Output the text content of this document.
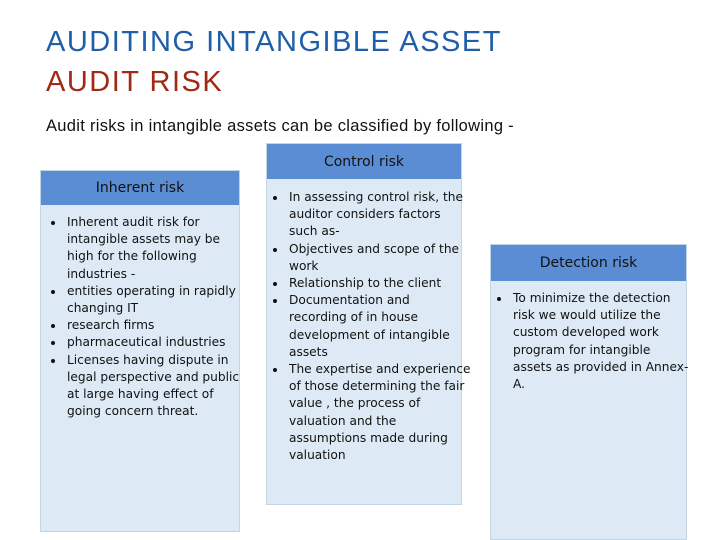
AUDITING INTANGIBLE ASSET
AUDIT RISK
Audit risks in intangible assets can be classified by following -
Inherent risk
• Inherent audit risk for intangible assets may be high for the following industries -
• entities operating in rapidly changing IT
• research firms
• pharmaceutical industries
• Licenses having dispute in legal perspective and public at large having effect of going concern threat.
Control risk
• In assessing control risk, the auditor considers factors such as-
• Objectives and scope of the work
• Relationship to the client
• Documentation and recording of in house development of intangible assets
• The expertise and experience of those determining the fair value , the process of valuation and the assumptions made during valuation
Detection risk
• To minimize the detection risk we would utilize the custom developed work program for intangible assets as provided in Annex-A.
